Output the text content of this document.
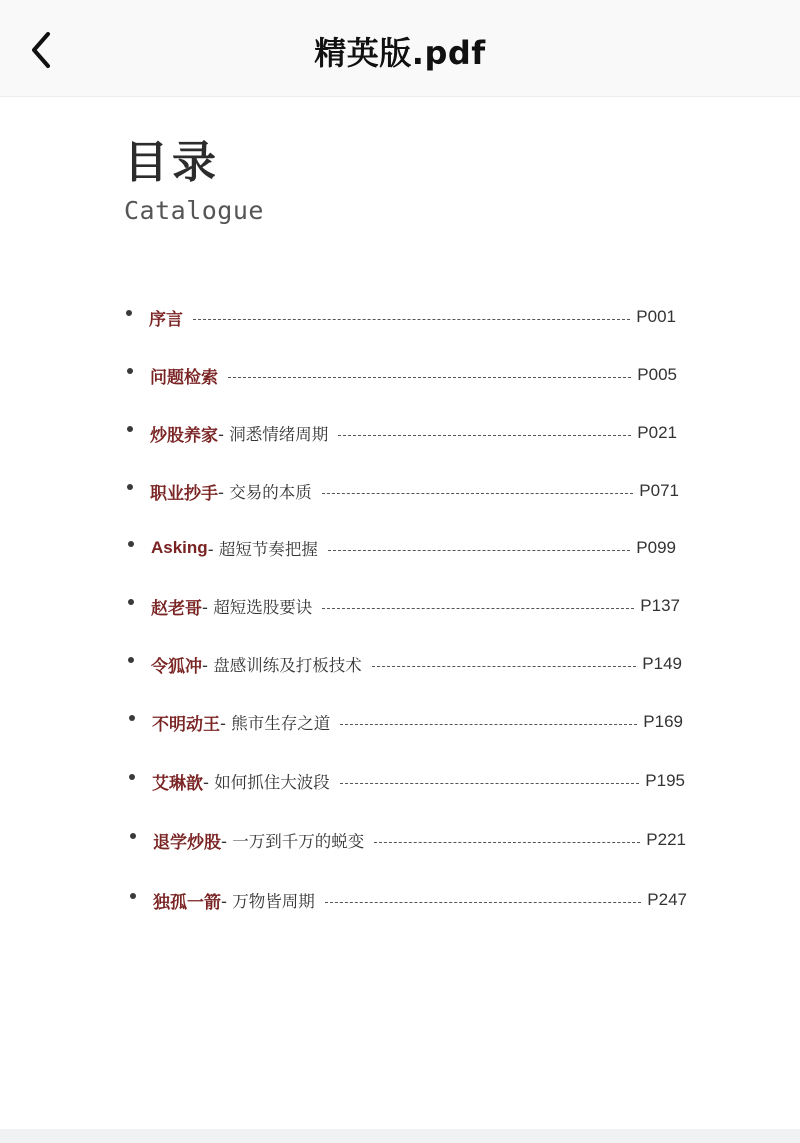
精英版.pdf
目录
Catalogue
序言	P001
问题检索	P005
炒股养家 - 洞悉情绪周期	P021
职业抄手 - 交易的本质	P071
Asking - 超短节奏把握	P099
赵老哥 - 超短选股要诀	P137
令狐冲 - 盘感训练及打板技术	P149
不明动王 - 熊市生存之道	P169
艾琳歆 - 如何抓住大波段	P195
退学炒股 - 一万到千万的蜕变	P221
独孤一箭 - 万物皆周期	P247
